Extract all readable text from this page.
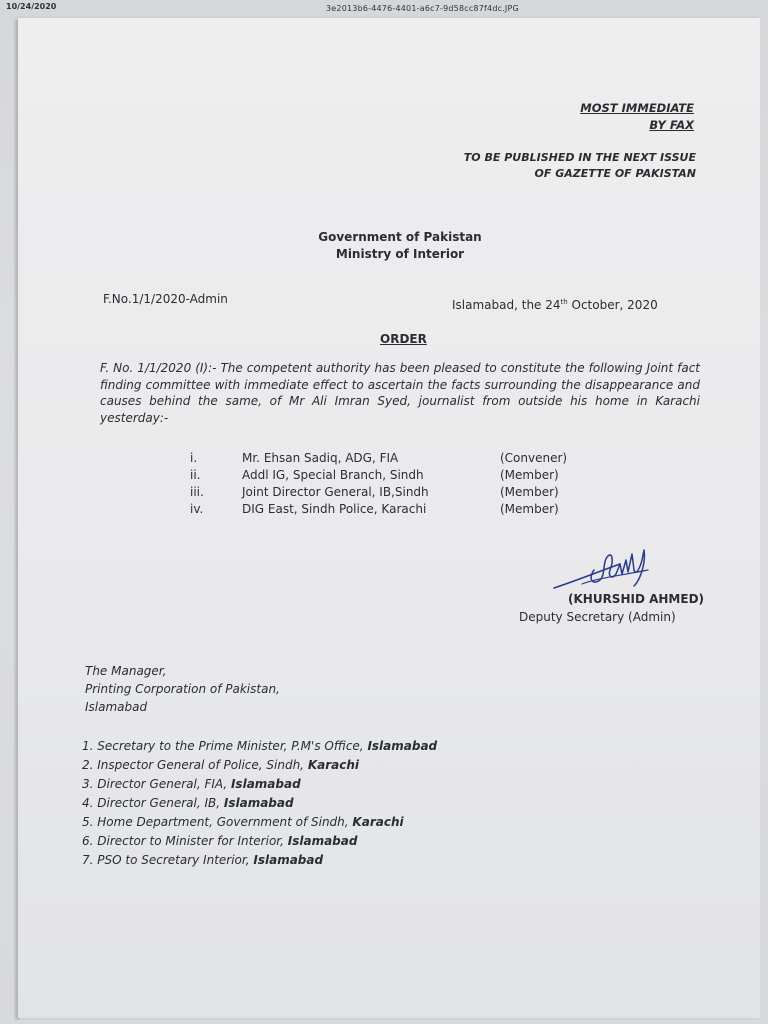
10/24/2020	3e2013b6-4476-4401-a6c7-9d58cc87f4dc.JPG
MOST IMMEDIATE
BY FAX
TO BE PUBLISHED IN THE NEXT ISSUE
OF GAZETTE OF PAKISTAN
Government of Pakistan
Ministry of Interior
F.No.1/1/2020-Admin	Islamabad, the 24th October, 2020
ORDER
F. No. 1/1/2020 (I):- The competent authority has been pleased to constitute the following Joint fact finding committee with immediate effect to ascertain the facts surrounding the disappearance and causes behind the same, of Mr Ali Imran Syed, journalist from outside his home in Karachi yesterday:-
i.	Mr. Ehsan Sadiq, ADG, FIA	(Convener)
ii.	Addl IG, Special Branch, Sindh	(Member)
iii.	Joint Director General, IB,Sindh	(Member)
iv.	DIG East, Sindh Police, Karachi	(Member)
(KHURSHID AHMED)
Deputy Secretary (Admin)
The Manager,
Printing Corporation of Pakistan,
Islamabad
1. Secretary to the Prime Minister, P.M's Office, Islamabad
2. Inspector General of Police, Sindh, Karachi
3. Director General, FIA, Islamabad
4. Director General, IB, Islamabad
5. Home Department, Government of Sindh, Karachi
6. Director to Minister for Interior, Islamabad
7. PSO to Secretary Interior, Islamabad
